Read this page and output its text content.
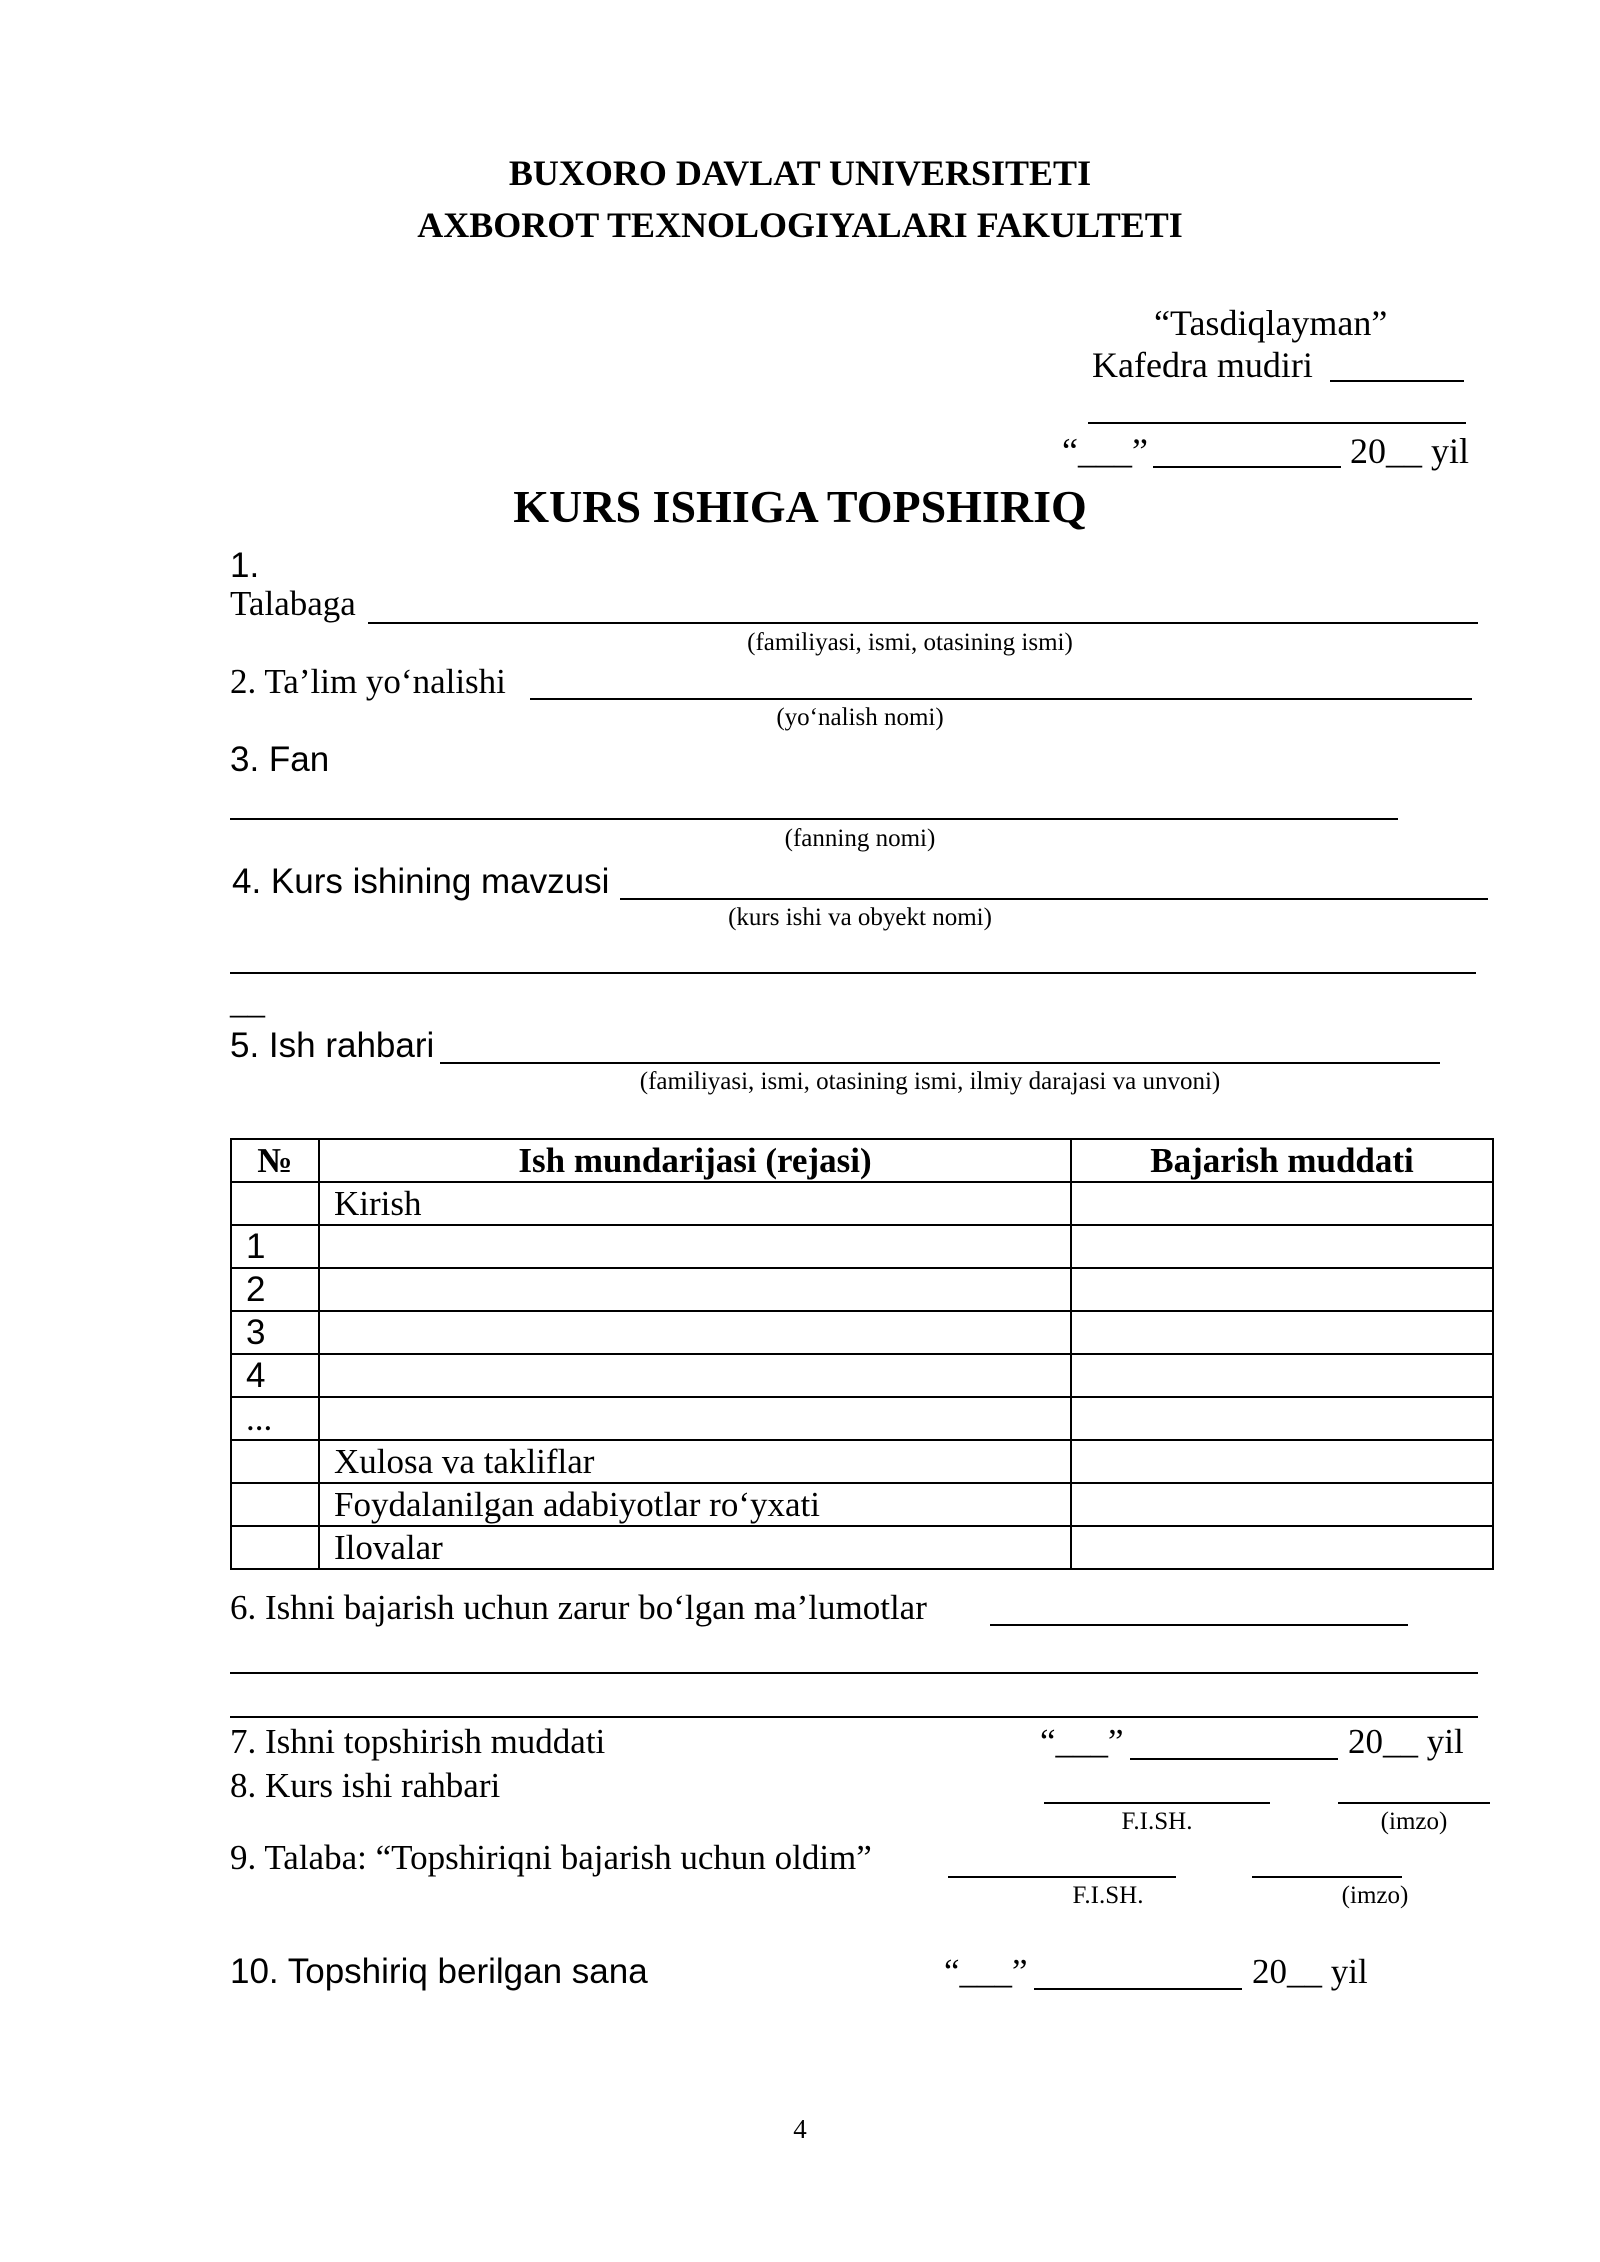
BUXORO DAVLAT UNIVERSITETI
AXBOROT TEXNOLOGIYALARI FAKULTETI
“Tasdiqlayman”
Kafedra mudiri
“___”	20__ yil
KURS ISHIGA TOPSHIRIQ
1.
Talabaga
(familiyasi, ismi, otasining ismi)
2. Ta’lim yo‘nalishi
(yo‘nalish nomi)
3. Fan
(fanning nomi)
4. Kurs ishining mavzusi
(kurs ishi va obyekt nomi)
__
5. Ish rahbari
(familiyasi, ismi, otasining ismi, ilmiy darajasi va unvoni)
№	Ish mundarijasi (rejasi)	Bajarish muddati
	Kirish	
1		
2		
3		
4		
...		
	Xulosa va takliflar	
	Foydalanilgan adabiyotlar ro‘yxati	
	Ilovalar	
6. Ishni bajarish uchun zarur bo‘lgan ma’lumotlar
7. Ishni topshirish muddati	“___”	20__ yil
8. Kurs ishi rahbari
F.I.SH.	(imzo)
9. Talaba: “Topshiriqni bajarish uchun oldim”
F.I.SH.	(imzo)
10. Topshiriq berilgan sana	“___”	20__ yil
4
